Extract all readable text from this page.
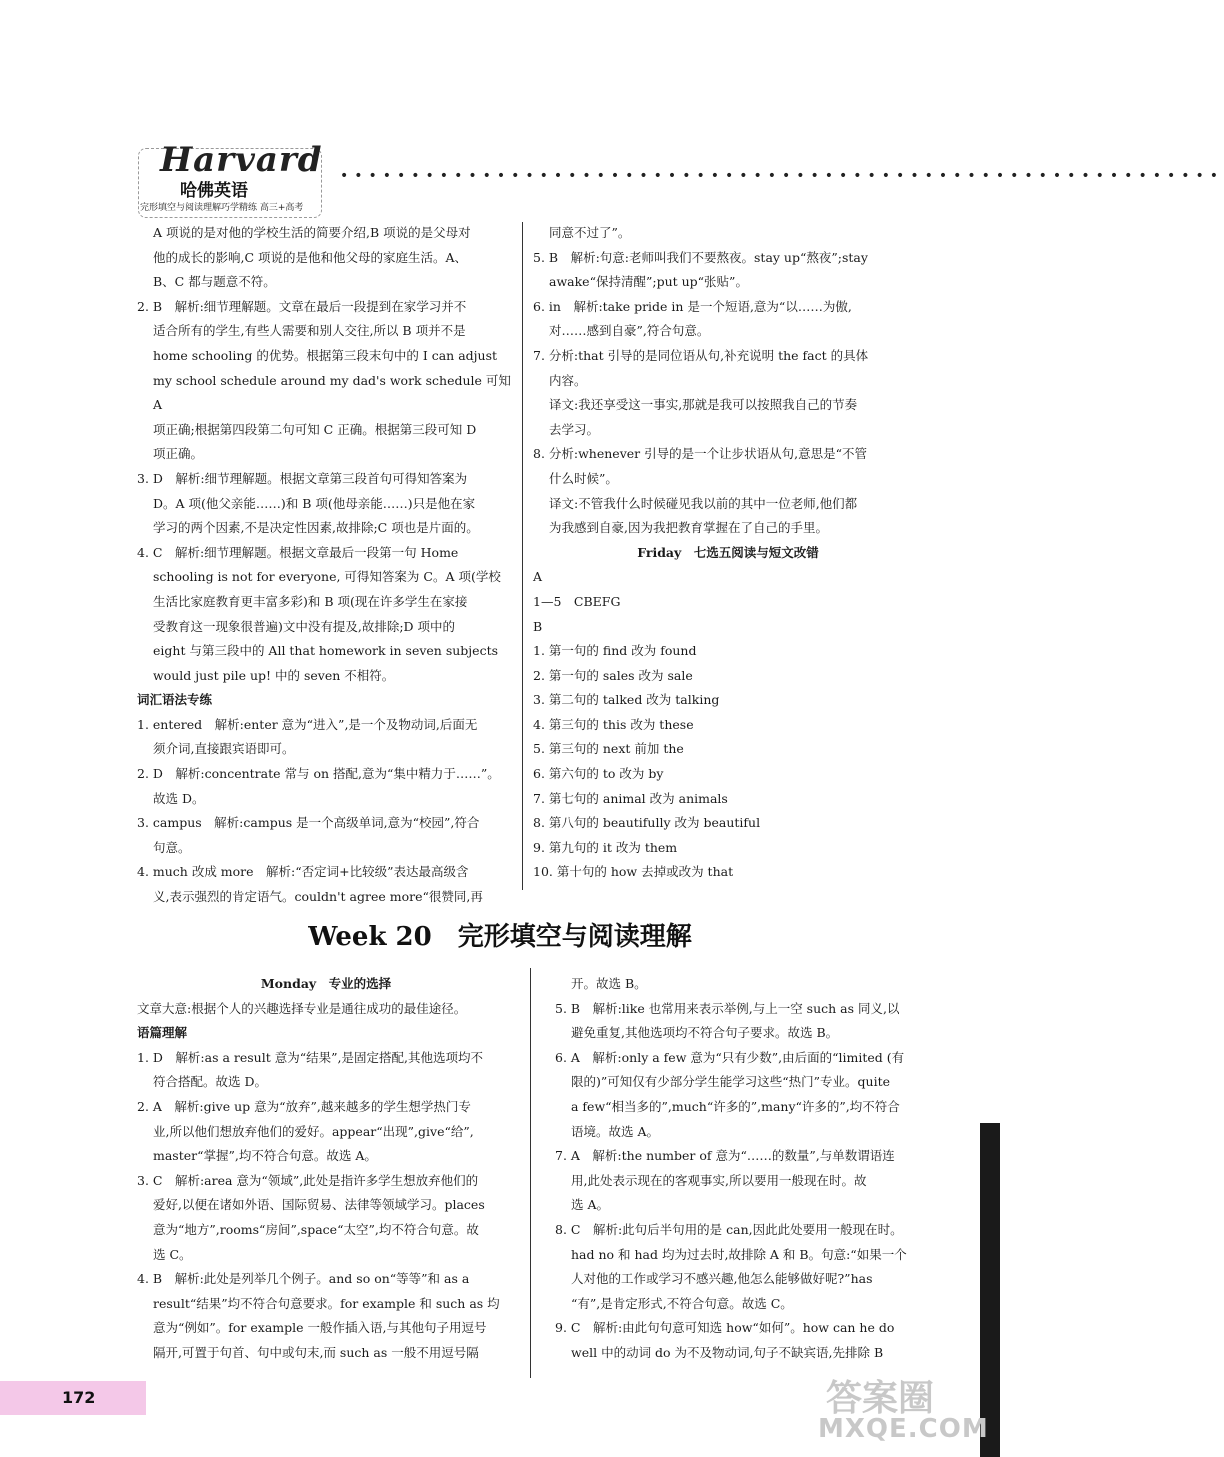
Harvard
哈佛英语
完形填空与阅读理解巧学精练 高三+高考
••••••••••••••••••••••••••••••••••••••••••••••••••••••••••••••

A 项说的是对他的学校生活的简要介绍,B 项说的是父母对

他的成长的影响,C 项说的是他和他父母的家庭生活。A、

B、C 都与题意不符。

2. B　解析:细节理解题。文章在最后一段提到在家学习并不

适合所有的学生,有些人需要和别人交往,所以 B 项并不是

home schooling 的优势。根据第三段末句中的 I can adjust

my school schedule around my dad's work schedule 可知 A

项正确;根据第四段第二句可知 C 正确。根据第三段可知 D

项正确。

3. D　解析:细节理解题。根据文章第三段首句可得知答案为

D。A 项(他父亲能……)和 B 项(他母亲能……)只是他在家

学习的两个因素,不是决定性因素,故排除;C 项也是片面的。

4. C　解析:细节理解题。根据文章最后一段第一句 Home

schooling is not for everyone, 可得知答案为 C。A 项(学校

生活比家庭教育更丰富多彩)和 B 项(现在许多学生在家接

受教育这一现象很普遍)文中没有提及,故排除;D 项中的

eight 与第三段中的 All that homework in seven subjects

would just pile up! 中的 seven 不相符。

词汇语法专练

1. entered　解析:enter 意为“进入”,是一个及物动词,后面无

须介词,直接跟宾语即可。

2. D　解析:concentrate 常与 on 搭配,意为“集中精力于……”。

故选 D。

3. campus　解析:campus 是一个高级单词,意为“校园”,符合

句意。

4. much 改成 more　解析:“否定词+比较级”表达最高级含

义,表示强烈的肯定语气。couldn't agree more“很赞同,再

同意不过了”。

5. B　解析:句意:老师叫我们不要熬夜。stay up“熬夜”;stay

awake“保持清醒”;put up“张贴”。

6. in　解析:take pride in 是一个短语,意为“以……为傲,

对……感到自豪”,符合句意。

7. 分析:that 引导的是同位语从句,补充说明 the fact 的具体

内容。

译文:我还享受这一事实,那就是我可以按照我自己的节奏

去学习。

8. 分析:whenever 引导的是一个让步状语从句,意思是“不管

什么时候”。

译文:不管我什么时候碰见我以前的其中一位老师,他们都

为我感到自豪,因为我把教育掌握在了自己的手里。

Friday　七选五阅读与短文改错

A

1—5　CBEFG

B

1. 第一句的 find 改为 found

2. 第一句的 sales 改为 sale

3. 第二句的 talked 改为 talking

4. 第三句的 this 改为 these

5. 第三句的 next 前加 the

6. 第六句的 to 改为 by

7. 第七句的 animal 改为 animals

8. 第八句的 beautifully 改为 beautiful

9. 第九句的 it 改为 them

10. 第十句的 how 去掉或改为 that

Week 20　完形填空与阅读理解

Monday　专业的选择

文章大意:根据个人的兴趣选择专业是通往成功的最佳途径。

语篇理解

1. D　解析:as a result 意为“结果”,是固定搭配,其他选项均不

符合搭配。故选 D。

2. A　解析:give up 意为“放弃”,越来越多的学生想学热门专

业,所以他们想放弃他们的爱好。appear“出现”,give“给”,

master“掌握”,均不符合句意。故选 A。

3. C　解析:area 意为“领域”,此处是指许多学生想放弃他们的

爱好,以便在诸如外语、国际贸易、法律等领域学习。places

意为“地方”,rooms“房间”,space“太空”,均不符合句意。故

选 C。

4. B　解析:此处是列举几个例子。and so on“等等”和 as a

result“结果”均不符合句意要求。for example 和 such as 均

意为“例如”。for example 一般作插入语,与其他句子用逗号

隔开,可置于句首、句中或句末,而 such as 一般不用逗号隔

开。故选 B。

5. B　解析:like 也常用来表示举例,与上一空 such as 同义,以

避免重复,其他选项均不符合句子要求。故选 B。

6. A　解析:only a few 意为“只有少数”,由后面的“limited (有

限的)”可知仅有少部分学生能学习这些“热门”专业。quite

a few“相当多的”,much“许多的”,many“许多的”,均不符合

语境。故选 A。

7. A　解析:the number of 意为“……的数量”,与单数谓语连

用,此处表示现在的客观事实,所以要用一般现在时。故

选 A。

8. C　解析:此句后半句用的是 can,因此此处要用一般现在时。

had no 和 had 均为过去时,故排除 A 和 B。句意:“如果一个

人对他的工作或学习不感兴趣,他怎么能够做好呢?”has

“有”,是肯定形式,不符合句意。故选 C。

9. C　解析:由此句句意可知选 how“如何”。how can he do

well 中的动词 do 为不及物动词,句子不缺宾语,先排除 B

172	答案圈
MXQE.COM
